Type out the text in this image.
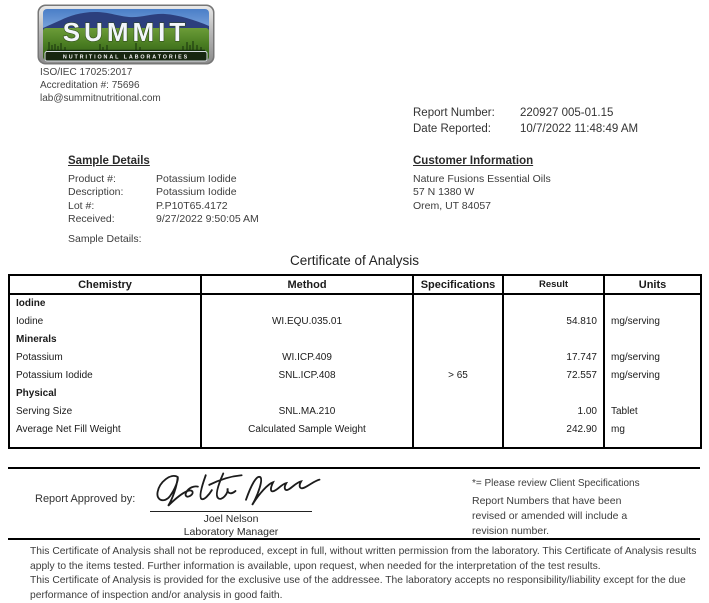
SUMMIT
NUTRITIONAL LABORATORIES
ISO/IEC 17025:2017
Accreditation #: 75696
lab@summitnutritional.com
Report Number:	220927 005-01.15
Date Reported:	10/7/2022 11:48:49 AM
Sample Details
Product #:	Potassium Iodide
Description:	Potassium Iodide
Lot #:	P.P10T65.4172
Received:	9/27/2022 9:50:05 AM
Sample Details:
Customer Information
Nature Fusions Essential Oils
57 N 1380 W
Orem, UT 84057
Certificate of Analysis
Chemistry	Method	Specifications	Result	Units
Iodine				
Iodine	WI.EQU.035.01		54.810	mg/serving
Minerals				
Potassium	WI.ICP.409		17.747	mg/serving
Potassium Iodide	SNL.ICP.408	> 65	72.557	mg/serving
Physical				
Serving Size	SNL.MA.210		1.00	Tablet
Average Net Fill Weight	Calculated Sample Weight		242.90	mg

Report Approved by:
Joel Nelson
Laboratory Manager
*= Please review Client Specifications
Report Numbers that have been revised or amended will include a revision number.
This Certificate of Analysis shall not be reproduced, except in full, without written permission from the laboratory. This Certificate of Analysis results apply to the items tested. Further information is available, upon request, when needed for the interpretation of the test results.
This Certificate of Analysis is provided for the exclusive use of the addressee. The laboratory accepts no responsibility/liability except for the due performance of inspection and/or analysis in good faith.
